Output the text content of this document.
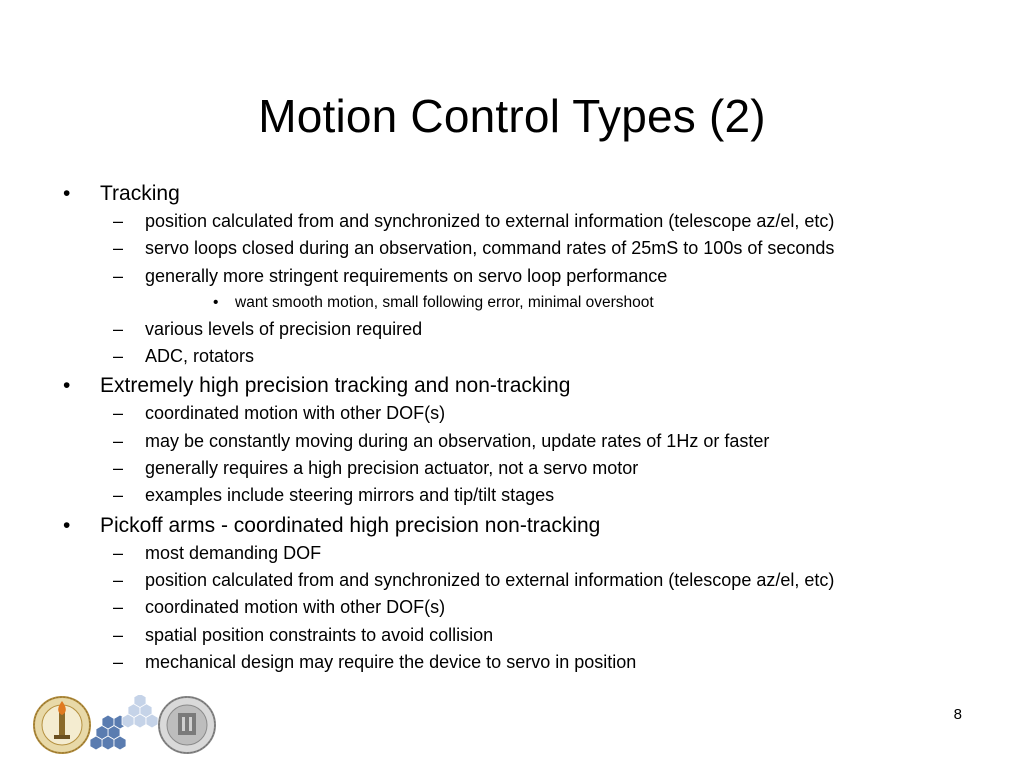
Motion Control Types (2)
• Tracking
– position calculated from and synchronized to external information (telescope az/el, etc)
– servo loops closed during an observation, command rates of 25mS to 100s of seconds
– generally more stringent requirements on servo loop performance
• want smooth motion, small following error, minimal overshoot
– various levels of precision required
– ADC, rotators
• Extremely high precision tracking and non-tracking
– coordinated motion with other DOF(s)
– may be constantly moving during an observation, update rates of 1Hz or faster
– generally requires a high precision actuator, not a servo motor
– examples include steering mirrors and tip/tilt stages
• Pickoff arms - coordinated high precision non-tracking
– most demanding DOF
– position calculated from and synchronized to external information (telescope az/el, etc)
– coordinated motion with other DOF(s)
– spatial position constraints to avoid collision
– mechanical design may require the device to servo in position
8
